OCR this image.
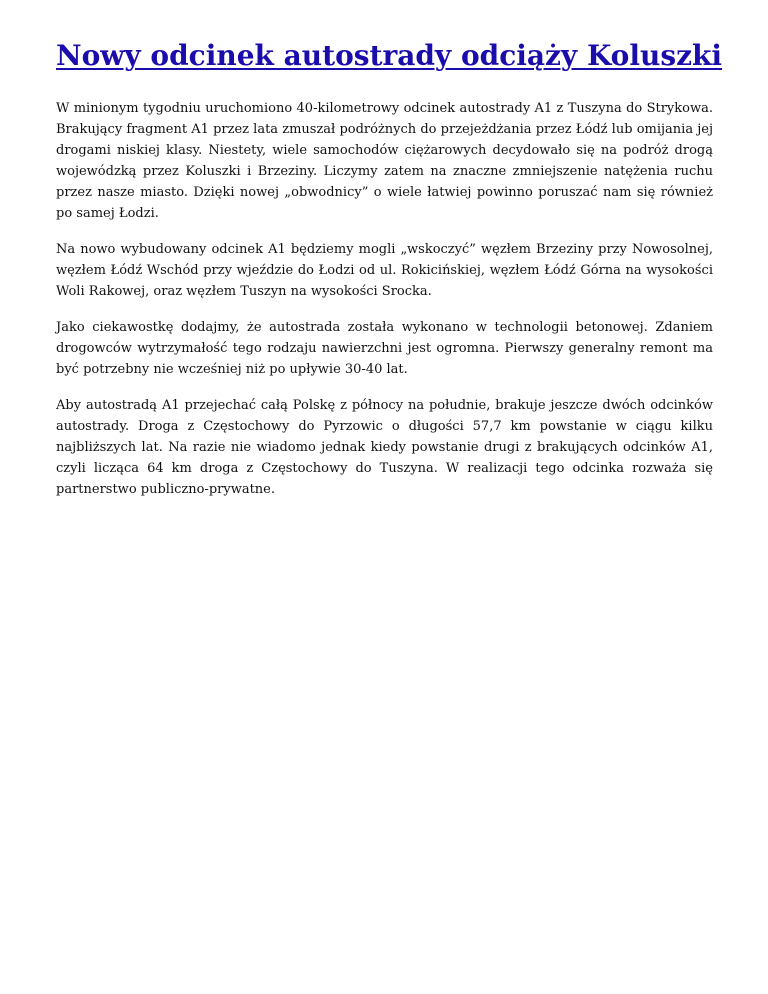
Nowy odcinek autostrady odciąży Koluszki

W minionym tygodniu uruchomiono 40-kilometrowy odcinek autostrady A1 z Tuszyna do Strykowa. Brakujący fragment A1 przez lata zmuszał podróżnych do przejeżdżania przez Łódź lub omijania jej drogami niskiej klasy. Niestety, wiele samochodów ciężarowych decydowało się na podróż drogą wojewódzką przez Koluszki i Brzeziny. Liczymy zatem na znaczne zmniejszenie natężenia ruchu przez nasze miasto. Dzięki nowej „obwodnicy” o wiele łatwiej powinno poruszać nam się również po samej Łodzi.

Na nowo wybudowany odcinek A1 będziemy mogli „wskoczyć” węzłem Brzeziny przy Nowosolnej, węzłem Łódź Wschód przy wjeździe do Łodzi od ul. Rokicińskiej, węzłem Łódź Górna na wysokości Woli Rakowej, oraz węzłem Tuszyn na wysokości Srocka.

Jako ciekawostkę dodajmy, że autostrada została wykonano w technologii betonowej. Zdaniem drogowców wytrzymałość tego rodzaju nawierzchni jest ogromna. Pierwszy generalny remont ma być potrzebny nie wcześniej niż po upływie 30-40 lat.

Aby autostradą A1 przejechać całą Polskę z północy na południe, brakuje jeszcze dwóch odcinków autostrady. Droga z Częstochowy do Pyrzowic o długości 57,7 km powstanie w ciągu kilku najbliższych lat. Na razie nie wiadomo jednak kiedy powstanie drugi z brakujących odcinków A1, czyli licząca 64 km droga z Częstochowy do Tuszyna. W realizacji tego odcinka rozważa się partnerstwo publiczno-prywatne.
